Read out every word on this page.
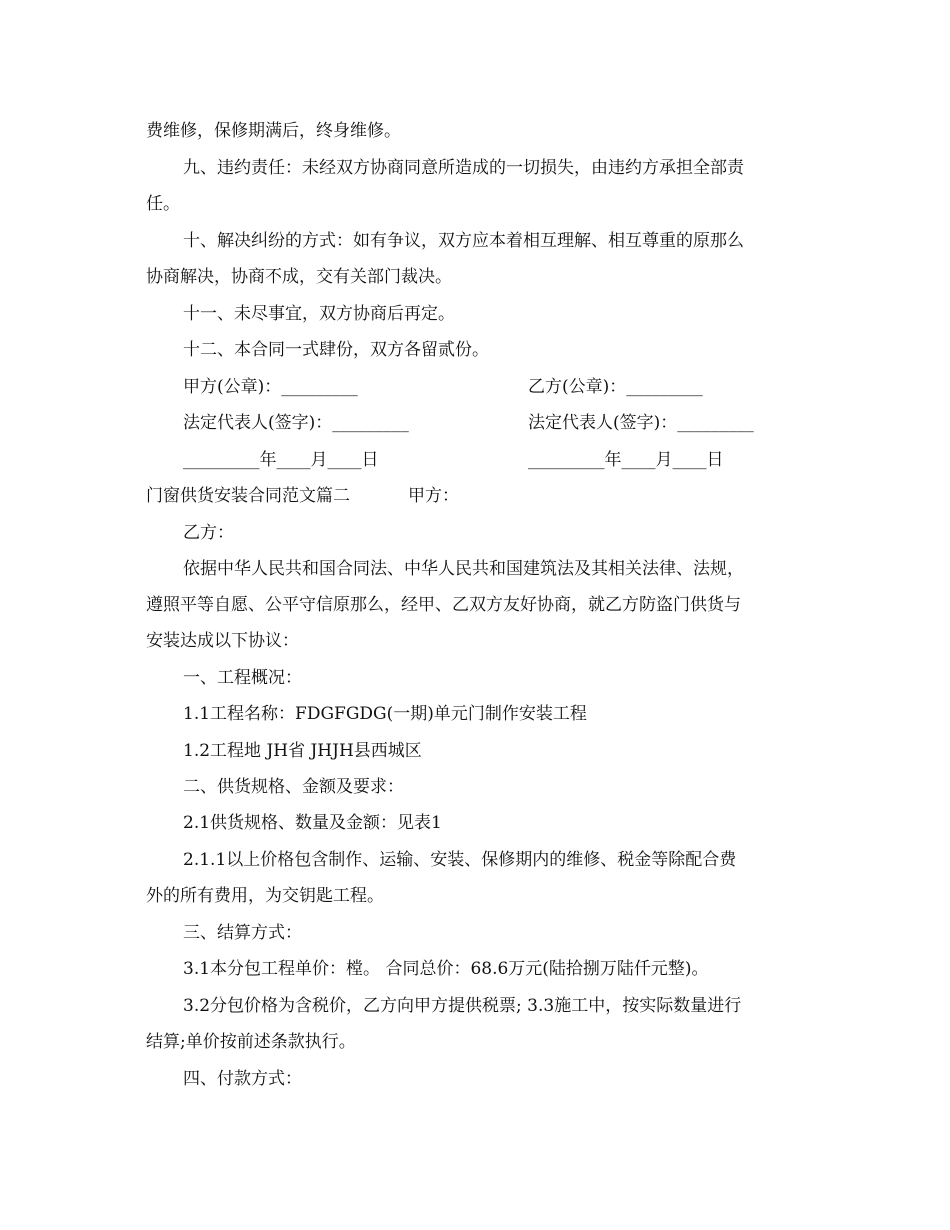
费维修，保修期满后，终身维修。
九、违约责任：未经双方协商同意所造成的一切损失，由违约方承担全部责
任。
十、解决纠纷的方式：如有争议，双方应本着相互理解、相互尊重的原那么
协商解决，协商不成，交有关部门裁决。
十一、未尽事宜，双方协商后再定。
十二、本合同一式肆份，双方各留贰份。
甲方(公章)：_________	乙方(公章)：_________
法定代表人(签字)：_________	法定代表人(签字)：_________
_________年____月____日	_________年____月____日
门窗供货安装合同范文篇二	甲方：
乙方：
依据中华人民共和国合同法、中华人民共和国建筑法及其相关法律、法规，
遵照平等自愿、公平守信原那么，经甲、乙双方友好协商，就乙方防盗门供货与
安装达成以下协议：
一、工程概况：
1.1工程名称：FDGFGDG(一期)单元门制作安装工程
1.2工程地 JH省 JHJH县西城区
二、供货规格、金额及要求：
2.1供货规格、数量及金额：见表1
2.1.1以上价格包含制作、运输、安装、保修期内的维修、税金等除配合费
外的所有费用，为交钥匙工程。
三、结算方式：
3.1本分包工程单价：樘。 合同总价：68.6万元(陆拾捌万陆仟元整)。
3.2分包价格为含税价，乙方向甲方提供税票; 3.3施工中，按实际数量进行
结算;单价按前述条款执行。
四、付款方式：
